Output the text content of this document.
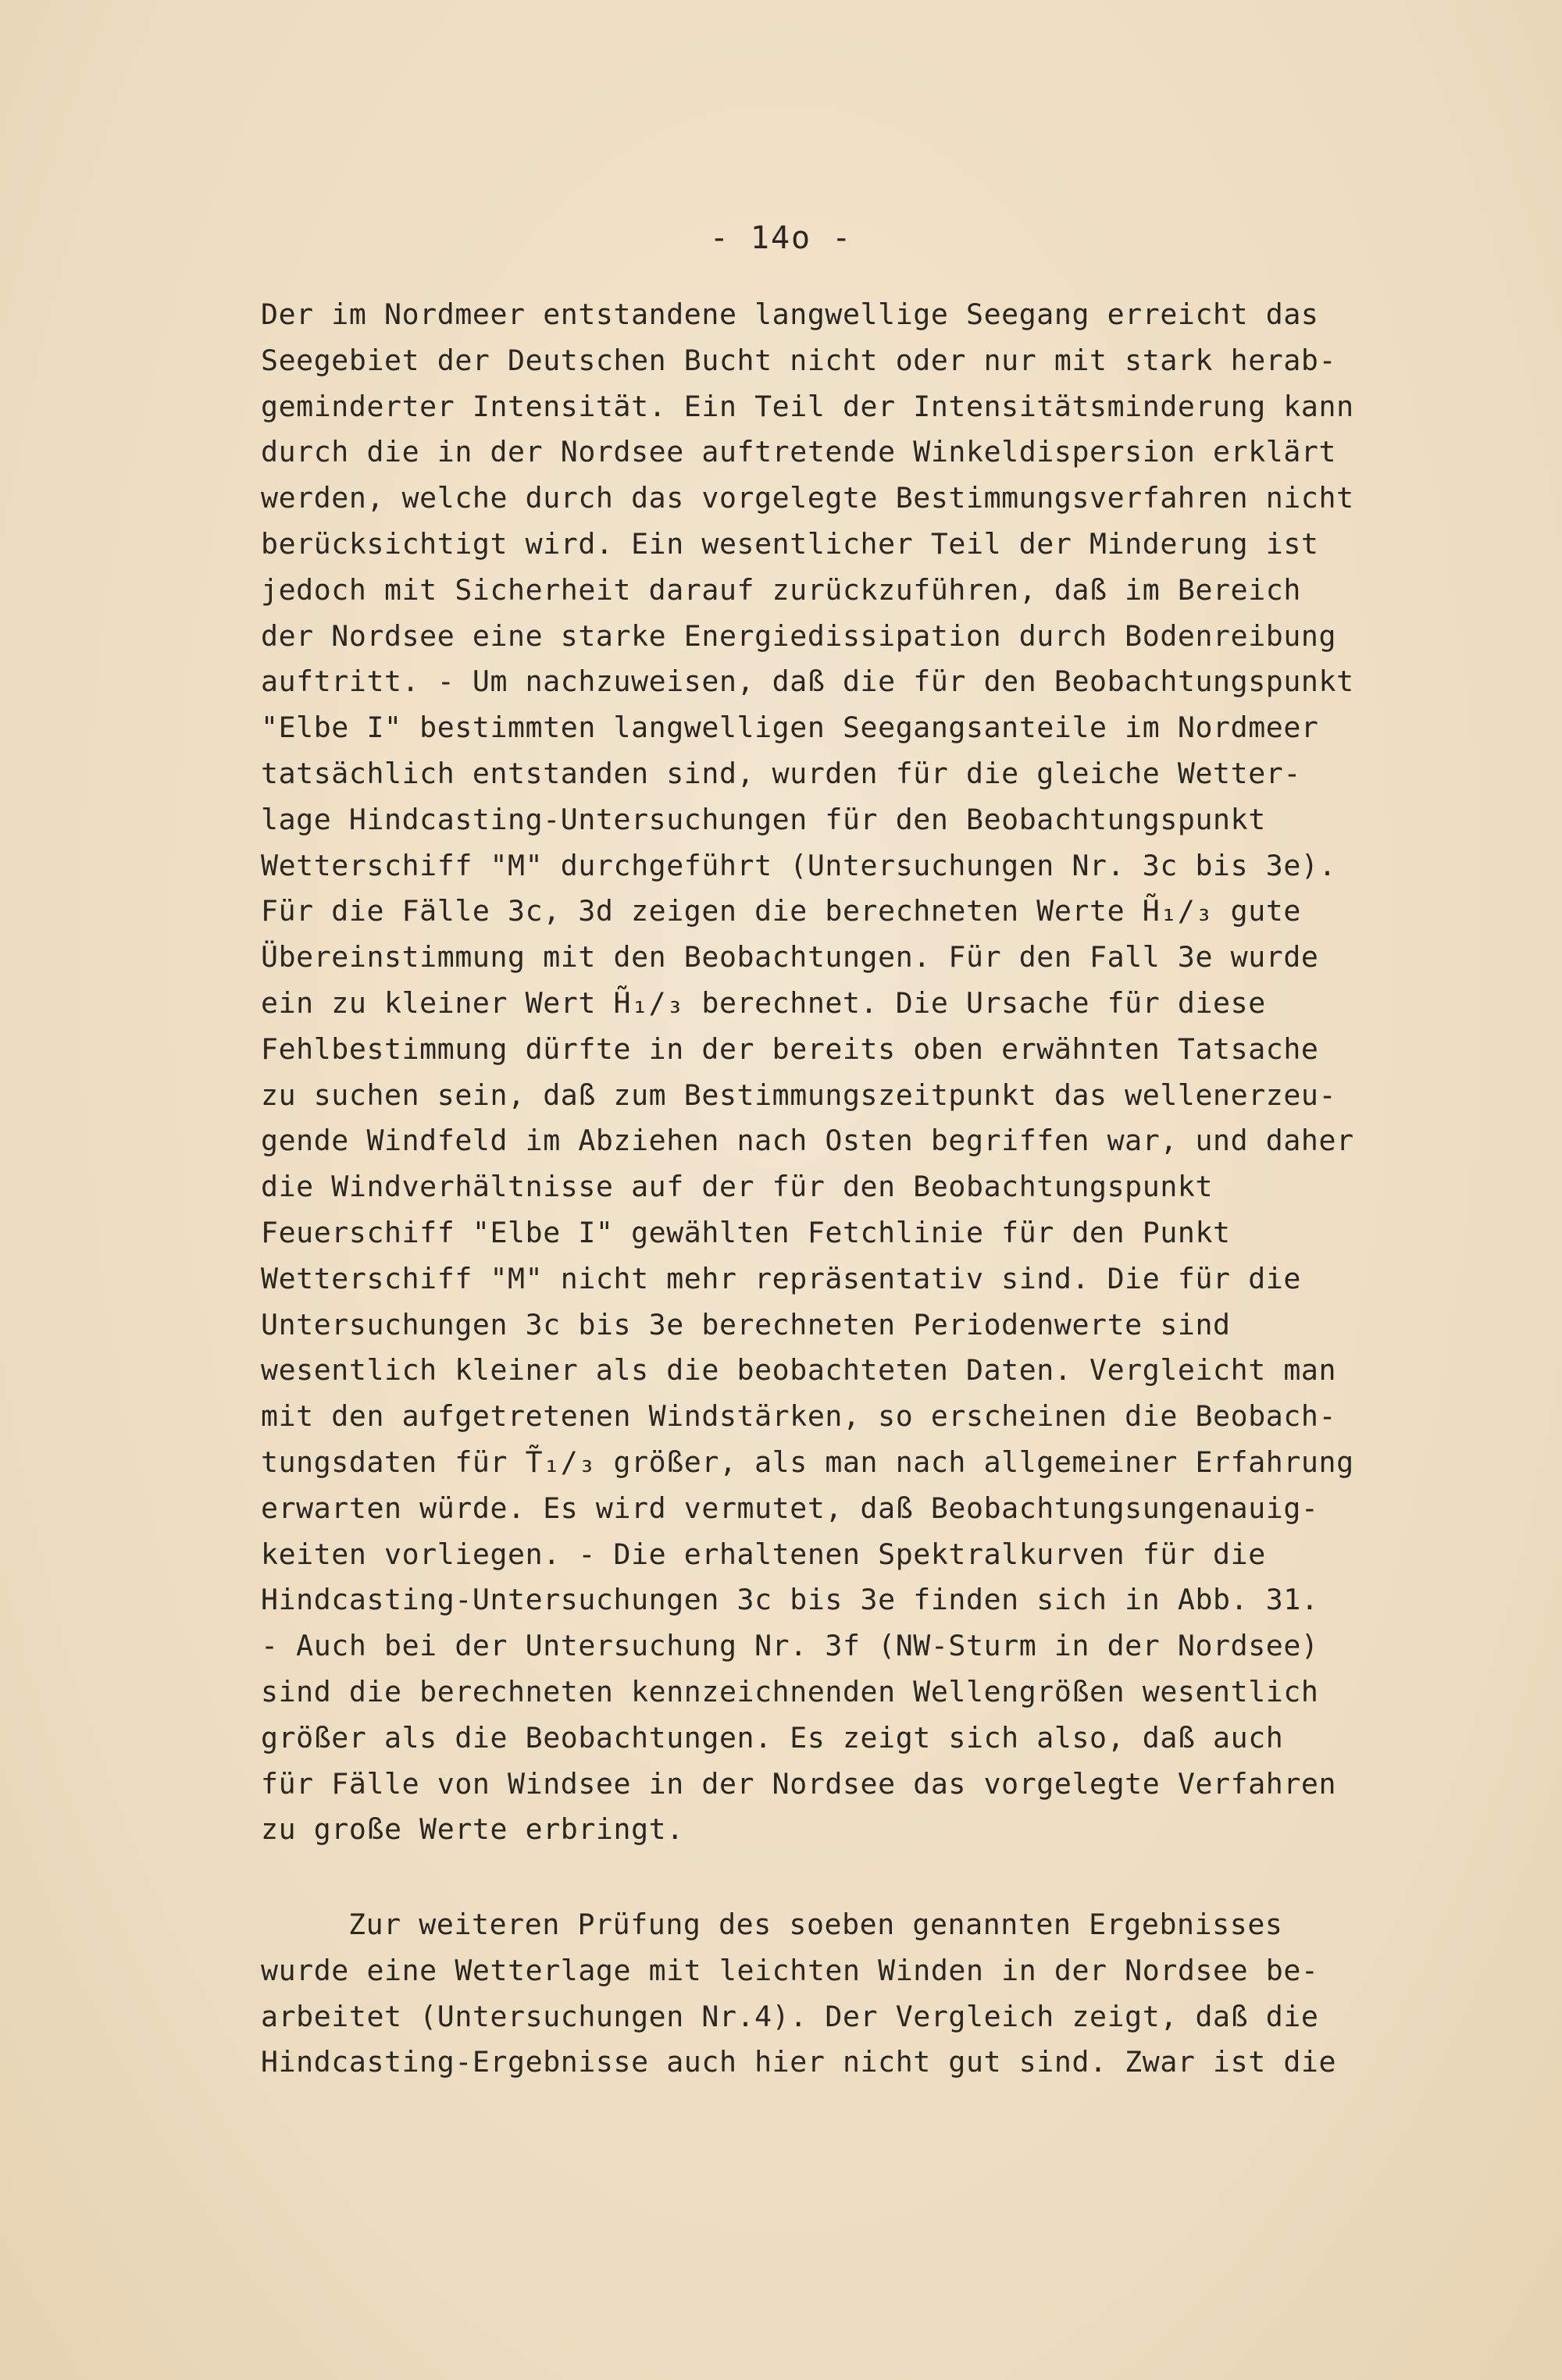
- 14o -
Der im Nordmeer entstandene langwellige Seegang erreicht das
Seegebiet der Deutschen Bucht nicht oder nur mit stark herab-
geminderter Intensität. Ein Teil der Intensitätsminderung kann
durch die in der Nordsee auftretende Winkeldispersion erklärt
werden, welche durch das vorgelegte Bestimmungsverfahren nicht
berücksichtigt wird. Ein wesentlicher Teil der Minderung ist
jedoch mit Sicherheit darauf zurückzuführen, daß im Bereich
der Nordsee eine starke Energiedissipation durch Bodenreibung
auftritt. - Um nachzuweisen, daß die für den Beobachtungspunkt
"Elbe I" bestimmten langwelligen Seegangsanteile im Nordmeer
tatsächlich entstanden sind, wurden für die gleiche Wetter-
lage Hindcasting-Untersuchungen für den Beobachtungspunkt
Wetterschiff "M" durchgeführt (Untersuchungen Nr. 3c bis 3e).
Für die Fälle 3c, 3d zeigen die berechneten Werte H̃₁/₃ gute
Übereinstimmung mit den Beobachtungen. Für den Fall 3e wurde
ein zu kleiner Wert H̃₁/₃ berechnet. Die Ursache für diese
Fehlbestimmung dürfte in der bereits oben erwähnten Tatsache
zu suchen sein, daß zum Bestimmungszeitpunkt das wellenerzeu-
gende Windfeld im Abziehen nach Osten begriffen war, und daher
die Windverhältnisse auf der für den Beobachtungspunkt
Feuerschiff "Elbe I" gewählten Fetchlinie für den Punkt
Wetterschiff "M" nicht mehr repräsentativ sind. Die für die
Untersuchungen 3c bis 3e berechneten Periodenwerte sind
wesentlich kleiner als die beobachteten Daten. Vergleicht man
mit den aufgetretenen Windstärken, so erscheinen die Beobach-
tungsdaten für T̃₁/₃ größer, als man nach allgemeiner Erfahrung
erwarten würde. Es wird vermutet, daß Beobachtungsungenauig-
keiten vorliegen. - Die erhaltenen Spektralkurven für die
Hindcasting-Untersuchungen 3c bis 3e finden sich in Abb. 31.
- Auch bei der Untersuchung Nr. 3f (NW-Sturm in der Nordsee)
sind die berechneten kennzeichnenden Wellengrößen wesentlich
größer als die Beobachtungen. Es zeigt sich also, daß auch
für Fälle von Windsee in der Nordsee das vorgelegte Verfahren
zu große Werte erbringt.
Zur weiteren Prüfung des soeben genannten Ergebnisses
wurde eine Wetterlage mit leichten Winden in der Nordsee be-
arbeitet (Untersuchungen Nr.4). Der Vergleich zeigt, daß die
Hindcasting-Ergebnisse auch hier nicht gut sind. Zwar ist die
